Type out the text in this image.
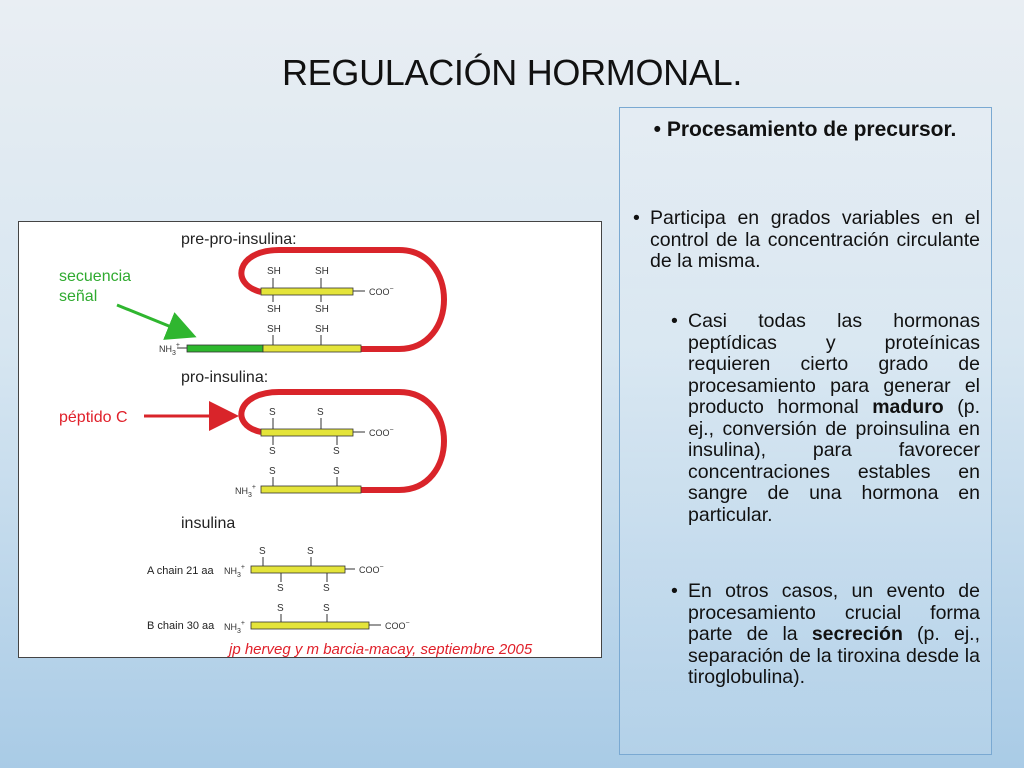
REGULACIÓN HORMONAL.
pre-pro-insulina:
secuencia
señal
SH	SH
SH	SH
SH	SH
COO−
$NH_3^+$
pro-insulina:
péptido C	S	S
S	S
S	S
COO−
$NH_3^+$
insulina
A chain 21 aa
B chain 30 aa
S	S
S	S
S	S
COO−
COO−
$NH_3^+$
$NH_3^+$
jp herveg y m barcia-macay, septiembre 2005
• Procesamiento de precursor.
• Participa en grados variables en el control de la concentración circulante de la misma.
• Casi todas las hormonas peptídicas y proteínicas requieren cierto grado de procesamiento para generar el producto hormonal maduro (p. ej., conversión de proinsulina en insulina), para favorecer concentraciones estables en sangre de una hormona en particular.
• En otros casos, un evento de procesamiento crucial forma parte de la secreción (p. ej., separación de la tiroxina desde la tiroglobulina).
